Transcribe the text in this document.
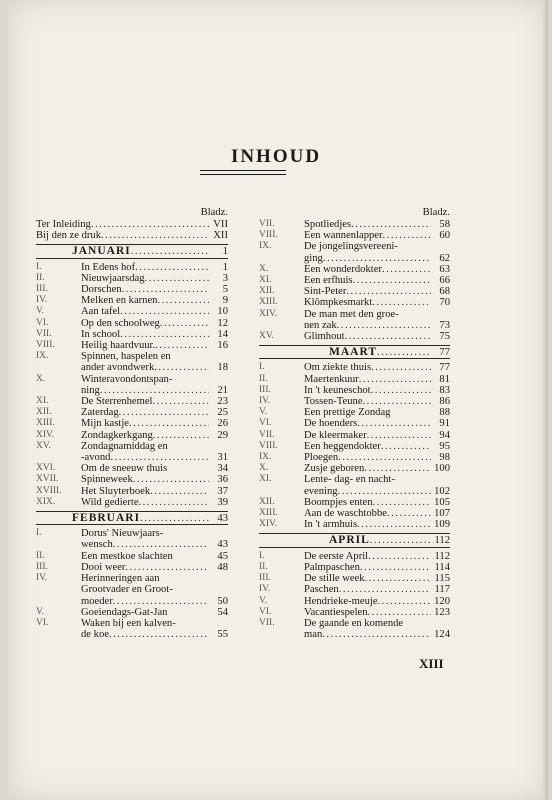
INHOUD
Bladz.
Ter Inleiding .....	VII
Bij den ze druk .....	XII
JANUARI .....	1
I.	In Edens hof .....	1
II.	Nieuwjaarsdag .....	3
III.	Dorschen .....	5
IV.	Melken en karnen .....	9
V.	Aan tafel .....	10
VI.	Op den schoolweg .....	12
VII.	In school .....	14
VIII.	Heilig haardvuur. .....	16
IX.	Spinnen, haspelen en
ander avondwerk .....	18
X.	Winteravondontspan-
ning .....	21
XI.	De Sterrenhemel .....	23
XII.	Zaterdag .....	25
XIII.	Mijn kastje .....	26
XIV.	Zondagkerkgang .....	29
XV.	Zondagnamiddag en
-avond .....	31
XVI.	Om de sneeuw thuis	34
XVII.	Spinneweek .....	36
XVIII.	Het Sluyterboek .....	37
XIX.	Wild gedierte .....	39
FEBRUARI .....	43
I.	Dorus' Nieuwjaars-
wensch .....	43
II.	Een mestkoe slachten	45
III.	Dooi weer .....	48
IV.	Herinneringen aan
Grootvader en Groot-
moeder .....	50
V.	Goeiendags-Gat-Jan	54
VI.	Waken bij een kalven-
de koe .....	55
Bladz.
VII.	Spotliedjes .....	58
VIII.	Een wannenlapper .....	60
IX.	De jongelingsvereeni-
ging .....	62
X.	Een wonderdokter .....	63
XI.	Een erfhuis .....	66
XII.	Sint-Peter .....	68
XIII.	Klômpkesmarkt .....	70
XIV.	De man met den groe-
nen zak .....	73
XV.	Glimhout .....	75
MAART .....	77
I.	Om ziekte thuis .....	77
II.	Maertenkuur .....	81
III.	In 't keuneschot .....	83
IV.	Tossen-Teune .....	86
V.	Een prettige Zondag	88
VI.	De hoenders .....	91
VII.	De kleermaker .....	94
VIII.	Een heggendokter .....	95
IX.	Ploegen .....	98
X.	Zusje geboren .....	100
XI.	Lente- dag- en nacht-
evening .....	102
XII.	Boompjes enten .....	105
XIII.	Aan de waschtobbe .....	107
XIV.	In 't armhuis .....	109
APRIL .....	112
I.	De eerste April .....	112
II.	Palmpaschen .....	114
III.	De stille week .....	115
IV.	Paschen .....	117
V.	Hendrieke-meuje .....	120
VI.	Vacantiespelen .....	123
VII.	De gaande en komende
man .....	124
XIII
